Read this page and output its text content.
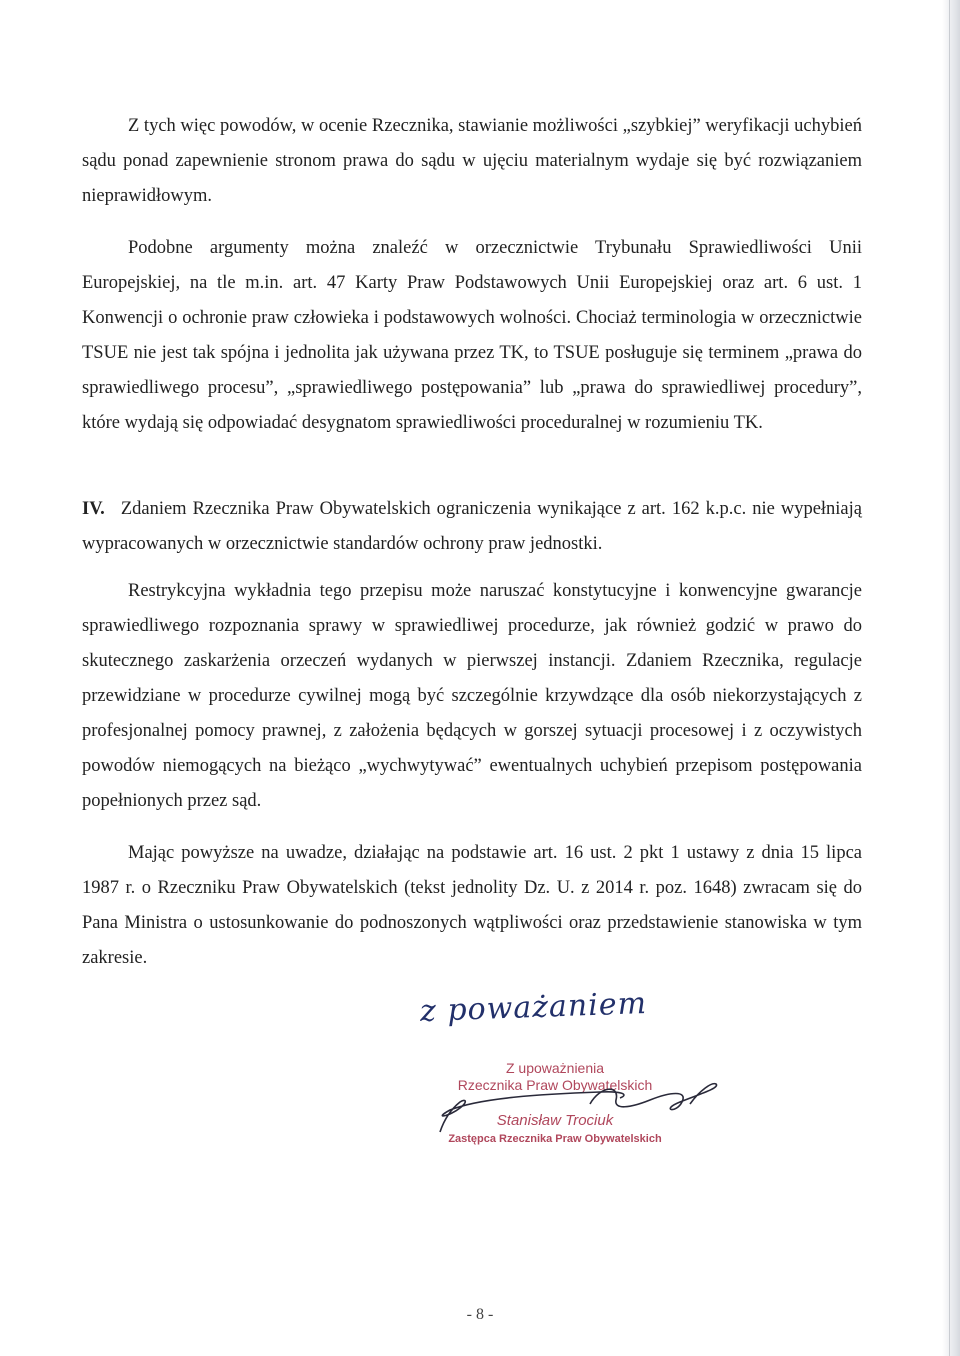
Z tych więc powodów, w ocenie Rzecznika, stawianie możliwości „szybkiej” weryfikacji uchybień sądu ponad zapewnienie stronom prawa do sądu w ujęciu materialnym wydaje się być rozwiązaniem nieprawidłowym.

Podobne argumenty można znaleźć w orzecznictwie Trybunału Sprawiedliwości Unii Europejskiej, na tle m.in. art. 47 Karty Praw Podstawowych Unii Europejskiej oraz art. 6 ust. 1 Konwencji o ochronie praw człowieka i podstawowych wolności. Chociaż terminologia w orzecznictwie TSUE nie jest tak spójna i jednolita jak używana przez TK, to TSUE posługuje się terminem „prawa do sprawiedliwego procesu”, „sprawiedliwego postępowania” lub „prawa do sprawiedliwej procedury”, które wydają się odpowiadać desygnatom sprawiedliwości proceduralnej w rozumieniu TK.

IV. Zdaniem Rzecznika Praw Obywatelskich ograniczenia wynikające z art. 162 k.p.c. nie wypełniają wypracowanych w orzecznictwie standardów ochrony praw jednostki.

Restrykcyjna wykładnia tego przepisu może naruszać konstytucyjne i konwencyjne gwarancje sprawiedliwego rozpoznania sprawy w sprawiedliwej procedurze, jak również godzić w prawo do skutecznego zaskarżenia orzeczeń wydanych w pierwszej instancji. Zdaniem Rzecznika, regulacje przewidziane w procedurze cywilnej mogą być szczególnie krzywdzące dla osób niekorzystających z profesjonalnej pomocy prawnej, z założenia będących w gorszej sytuacji procesowej i z oczywistych powodów niemogących na bieżąco „wychwytywać” ewentualnych uchybień przepisom postępowania popełnionych przez sąd.

Mając powyższe na uwadze, działając na podstawie art. 16 ust. 2 pkt 1 ustawy z dnia 15 lipca 1987 r. o Rzeczniku Praw Obywatelskich (tekst jednolity Dz. U. z 2014 r. poz. 1648) zwracam się do Pana Ministra o ustosunkowanie do podnoszonych wątpliwości oraz przedstawienie stanowiska w tym zakresie.

z poważaniem
Z upoważnienia
Rzecznika Praw Obywatelskich
Stanisław Trociuk
Zastępca Rzecznika Praw Obywatelskich
- 8 -
